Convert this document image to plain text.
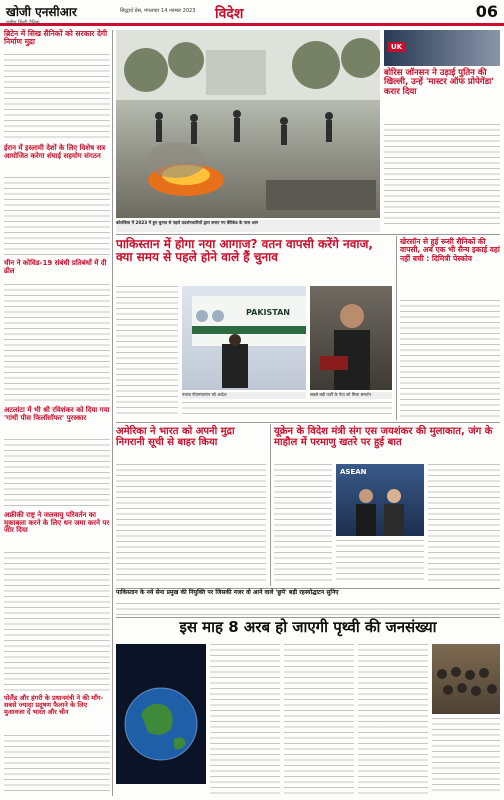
खोजी एनसीआर
राष्ट्रीय हिन्दी दैनिक
सिद्धार्थ प्रेस, मंगलवार 14 नवम्बर 2023 विदेश	06
ब्रिटेन में सिख सैनिकों को सरकार देगी निर्माण मुद्रा
ईरान में इस्लामी देशों के लिए विशेष सत्र आयोजित करेगा शंघाई सहयोग संगठन
चीन ने कोविड-19 संबंधी प्रतिबंधों में दी ढील
अटलांटा में भी श्री रविशंकर को दिया गया 'गांधी पीस फिलॉसॉफर' पुरस्कार
अफ्रीकी राष्ट्र ने जलवायु परिवर्तन का मुकाबला करने के लिए धन जमा करने पर जोर दिया
पोलैंड और हंगरी के प्रधानमंत्री ने की माँग- सबसे ज्यादा प्रदूषण फैलाने के लिए मुआवजा दें भारत और चीन
कोलंबिया में 2023 में हुए चुनाव से पहले प्रदर्शनकारियों द्वारा बनाए गए बैरिकेड के पास आग
UK
बोरिस जॉनसन ने उड़ाई पुतिन की खिल्ली, उन्हें 'मास्टर ऑफ प्रोपेगेंडा' करार दिया
पाकिस्तान में होगा नया आगाज? वतन वापसी करेंगे नवाज, क्या समय से पहले होने वाले हैं चुनाव
PAKISTAN
नवाज पीएमएलएन को आदेश	सबसे बड़ी पार्टी के नेता को मिला समर्थन
खेरसॉन से हुई रूसी सैनिकों की वापसी, अब एक भी सैन्य इकाई वहां नहीं बची : दिमित्री पेस्कोव
अमेरिका ने भारत को अपनी मुद्रा निगरानी सूची से बाहर किया
यूक्रेन के विदेश मंत्री संग एस जयशंकर की मुलाकात, जंग के माहौल में परमाणु खतरे पर हुई बात
ASEAN
पाकिस्तान के नये सेना प्रमुख की नियुक्ति पर जिसकी नजर वो आने वाले 'छुपे' बड़ी रहस्योद्घाटन सुनिए
इस माह 8 अरब हो जाएगी पृथ्वी की जनसंख्या
